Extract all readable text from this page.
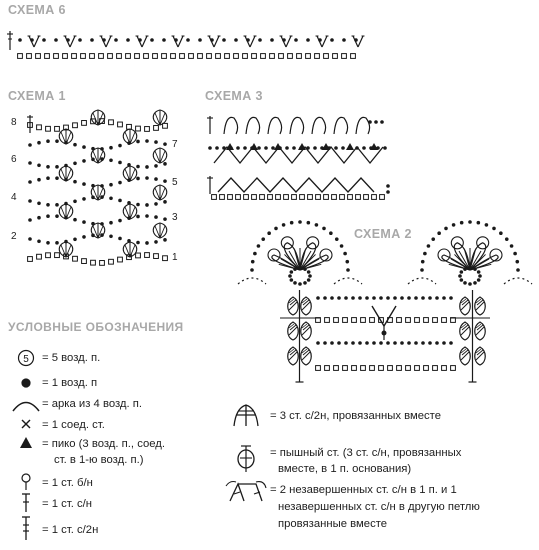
СХЕМА 6
СХЕМА 1	СХЕМА 3
СХЕМА 2
УСЛОВНЫЕ ОБОЗНАЧЕНИЯ
8
6
4
2
7
5
3
1
5 = 5 возд. п.
= 1 возд. п
= арка из 4 возд. п.
= 1 соед. ст.
= пико (3 возд. п., соед.
ст. в 1-ю возд. п.)
= 1 ст. б/н
= 1 ст. с/н
= 1 ст. с/2н
= 3 ст. с/2н, провязанных вместе
= пышный ст. (3 ст. с/н, провязанных
вместе, в 1 п. основания)
= 2 незавершенных ст. с/н в 1 п. и 1
незавершенных ст. с/н в другую петлю
провязанные вместе
